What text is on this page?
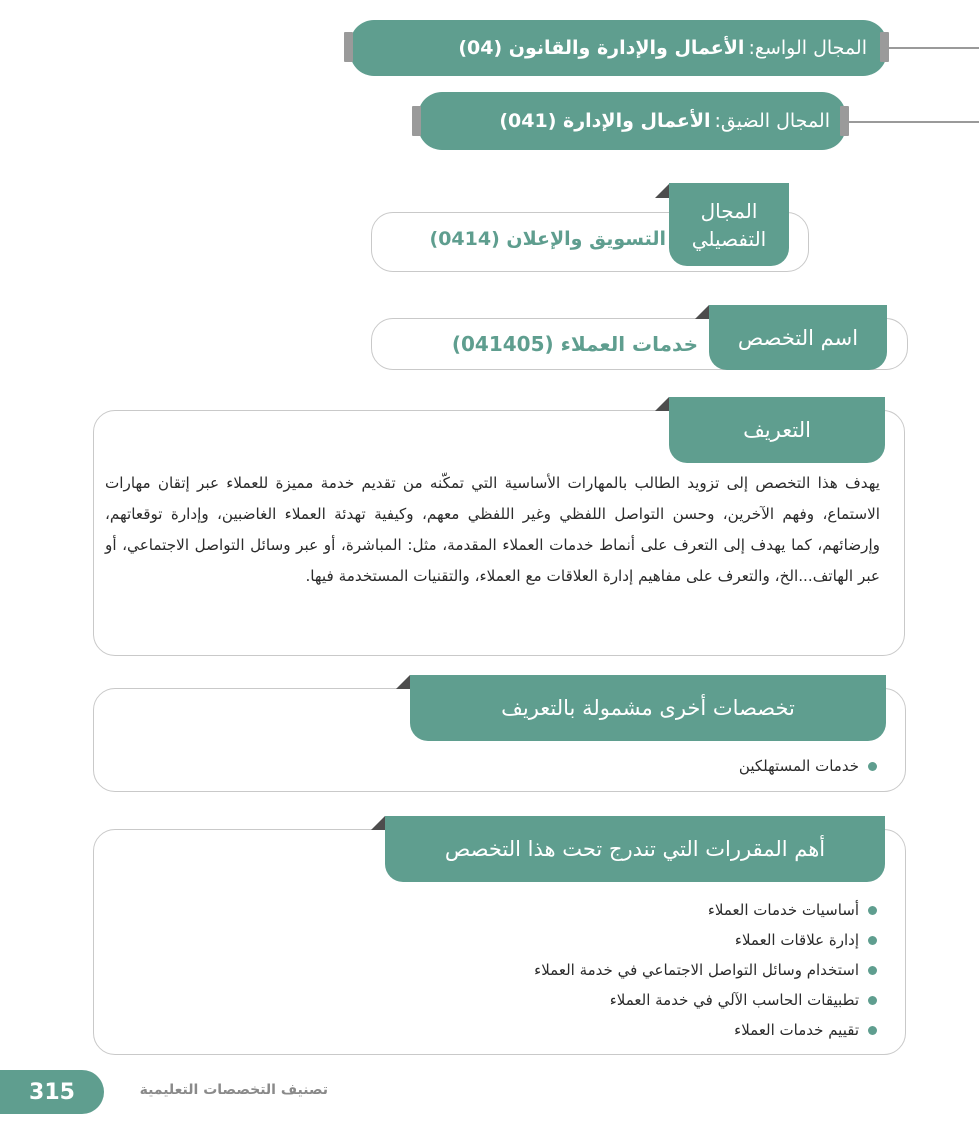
المجال الواسع:
الأعمال والإدارة والقانون (04)
المجال الضيق:
الأعمال والإدارة (041)
المجال
التفصيلي
التسويق والإعلان (0414)
اسم التخصص
خدمات العملاء (041405)
التعريف
يهدف هذا التخصص إلى تزويد الطالب بالمهارات الأساسية التي تمكّنه من تقديم خدمة مميزة للعملاء عبر إتقان مهارات الاستماع، وفهم الآخرين، وحسن التواصل اللفظي وغير اللفظي معهم، وكيفية تهدئة العملاء الغاضبين، وإدارة توقعاتهم، وإرضائهم، كما يهدف إلى التعرف على أنماط خدمات العملاء المقدمة، مثل: المباشرة، أو عبر وسائل التواصل الاجتماعي، أو عبر الهاتف...الخ، والتعرف على مفاهيم إدارة العلاقات مع العملاء، والتقنيات المستخدمة فيها.
تخصصات أخرى مشمولة بالتعريف
خدمات المستهلكين
أهم المقررات التي تندرج تحت هذا التخصص
أساسيات خدمات العملاء
إدارة علاقات العملاء
استخدام وسائل التواصل الاجتماعي في خدمة العملاء
تطبيقات الحاسب الآلي في خدمة العملاء
تقييم خدمات العملاء
315	تصنيف التخصصات التعليمية
